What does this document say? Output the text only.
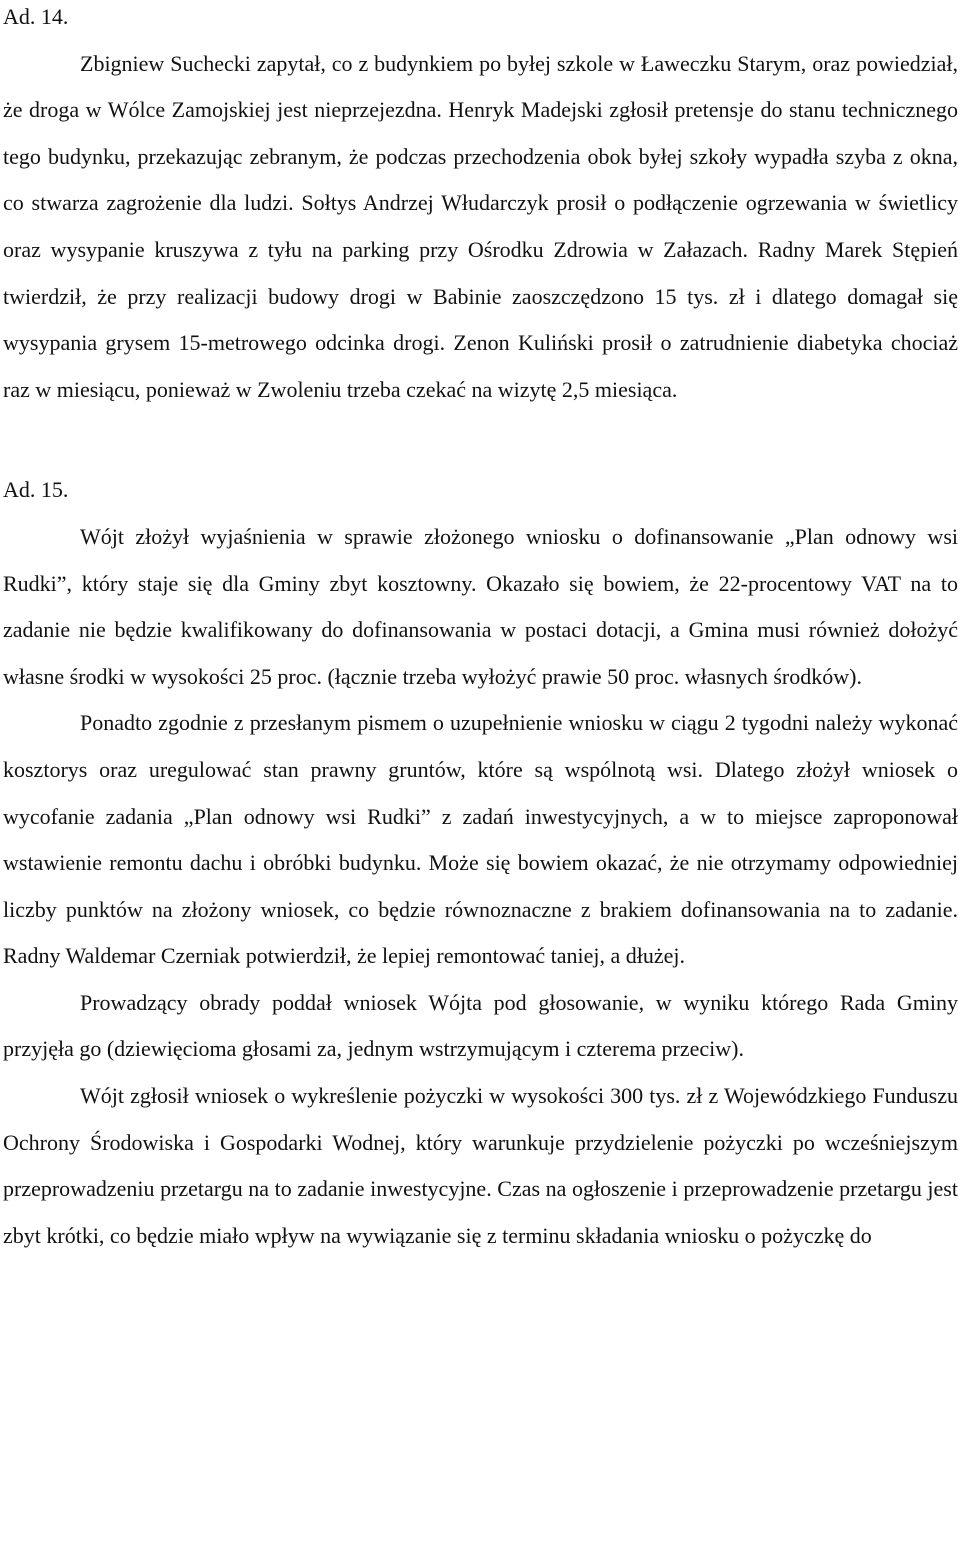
Ad. 14.

Zbigniew Suchecki zapytał, co z budynkiem po byłej szkole w Ławeczku Starym, oraz powiedział, że droga w Wólce Zamojskiej jest nieprzejezdna. Henryk Madejski zgłosił pretensje do stanu technicznego tego budynku, przekazując zebranym, że podczas przechodzenia obok byłej szkoły wypadła szyba z okna, co stwarza zagrożenie dla ludzi. Sołtys Andrzej Włudarczyk prosił o podłączenie ogrzewania w świetlicy oraz wysypanie kruszywa z tyłu na parking przy Ośrodku Zdrowia w Załazach. Radny Marek Stępień twierdził, że przy realizacji budowy drogi w Babinie zaoszczędzono 15 tys. zł i dlatego domagał się wysypania grysem 15-metrowego odcinka drogi. Zenon Kuliński prosił o zatrudnienie diabetyka chociaż raz w miesiącu, ponieważ w Zwoleniu trzeba czekać na wizytę 2,5 miesiąca.

Ad. 15.

Wójt złożył wyjaśnienia w sprawie złożonego wniosku o dofinansowanie „Plan odnowy wsi Rudki”, który staje się dla Gminy zbyt kosztowny. Okazało się bowiem, że 22-procentowy VAT na to zadanie nie będzie kwalifikowany do dofinansowania w postaci dotacji, a Gmina musi również dołożyć własne środki w wysokości 25 proc. (łącznie trzeba wyłożyć prawie 50 proc. własnych środków).

Ponadto zgodnie z przesłanym pismem o uzupełnienie wniosku w ciągu 2 tygodni należy wykonać kosztorys oraz uregulować stan prawny gruntów, które są wspólnotą wsi. Dlatego złożył wniosek o wycofanie zadania „Plan odnowy wsi Rudki” z zadań inwestycyjnych, a w to miejsce zaproponował wstawienie remontu dachu i obróbki budynku. Może się bowiem okazać, że nie otrzymamy odpowiedniej liczby punktów na złożony wniosek, co będzie równoznaczne z brakiem dofinansowania na to zadanie. Radny Waldemar Czerniak potwierdził, że lepiej remontować taniej, a dłużej.

Prowadzący obrady poddał wniosek Wójta pod głosowanie, w wyniku którego Rada Gminy przyjęła go (dziewięcioma głosami za, jednym wstrzymującym i czterema przeciw).

Wójt zgłosił wniosek o wykreślenie pożyczki w wysokości 300 tys. zł z Wojewódzkiego Funduszu Ochrony Środowiska i Gospodarki Wodnej, który warunkuje przydzielenie pożyczki po wcześniejszym przeprowadzeniu przetargu na to zadanie inwestycyjne. Czas na ogłoszenie i przeprowadzenie przetargu jest zbyt krótki, co będzie miało wpływ na wywiązanie się z terminu składania wniosku o pożyczkę do
